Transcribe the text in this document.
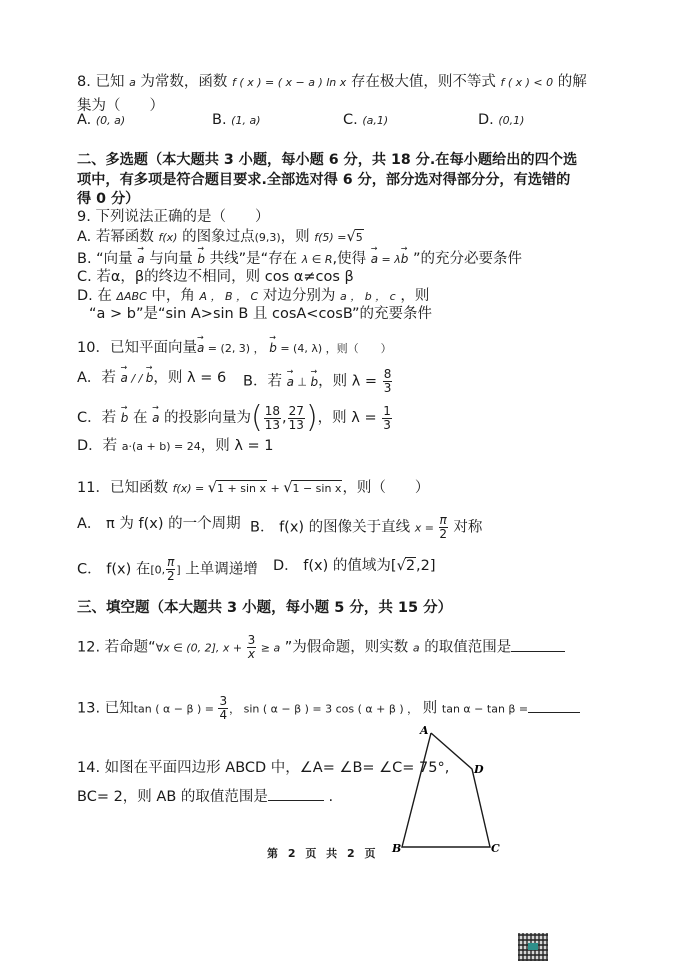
8. 已知 a 为常数，函数 f ( x ) = ( x − a ) ln x 存在极大值，则不等式 f ( x ) < 0 的解
集为（　　）
A. (0, a)	B. (1, a)	C. (a,1)	D. (0,1)
二、多选题（本大题共 3 小题，每小题 6 分，共 18 分.在每小题给出的四个选
项中，有多项是符合题目要求.全部选对得 6 分，部分选对得部分分，有选错的
得 0 分）
9. 下列说法正确的是（　　）
A. 若幂函数 f(x) 的图象过点(9,3)，则 f(5) =√5
B. “向量 → a 与向量 → b 共线”是“存在 λ ∈ R,使得 → a = λ→ b ”的充分必要条件
C. 若α，β的终边不相同，则 cos α≠cos β
D. 在 ΔABC 中，角 A ， B ， C 对边分别为 a ， b ， c ，则
“a > b”是“sin A>sin B 且 cosA<cosB”的充要条件
10．已知平面向量→ a = (2, 3) ， → b = (4, λ) ，则（　　）
A．若 → a / / → b，则 λ = 6 B．若 → a ⊥ → b，则 $\lambda = \frac{8}{3}$
C．若 → b 在 → a 的投影向量为( $\frac{18}{13}$ , $\frac{27}{13}$ )，则 $\lambda = \frac{1}{3}$
D．若 a·(a + b) = 24，则 λ = 1
11．已知函数 f(x) = √1 + sin x + √1 − sin x，则（　　）
A． π 为 f(x) 的一个周期 B． f(x) 的图像关于直线 $x = \frac{\pi}{2}$ 对称
C． f(x) 在[0, $\frac{\pi}{2}$ ] 上单调递增 D． f(x) 的值域为[√2,2]
三、填空题（本大题共 3 小题，每小题 5 分，共 15 分）
12. 若命题“∀x ∈ (0, 2], $x + \frac{3}{x} \ge a$ ”为假命题，则实数 a 的取值范围是
13. 已知tan ( α − β ) = $\frac{3}{4}$ ， sin ( α − β ) = 3 cos ( α + β ) ， 则 tan α − tan β =
14. 如图在平面四边形 ABCD 中，∠A= ∠B= ∠C= 75°,
BC= 2，则 AB 的取值范围是	.
A
D
C
B
第 2 页 共 2 页
